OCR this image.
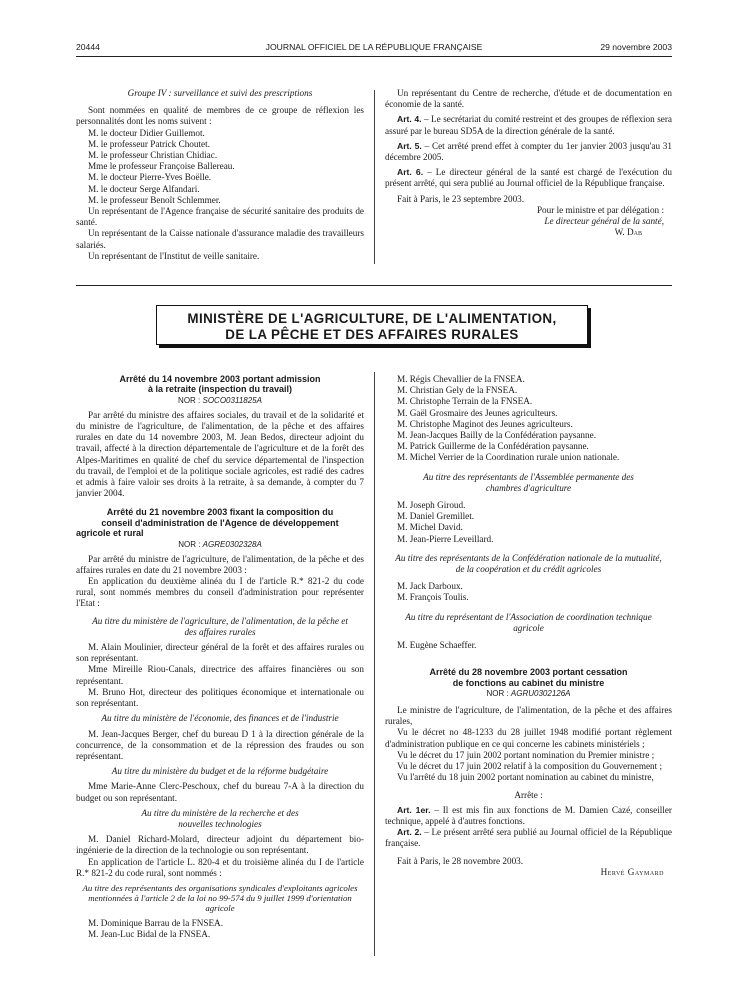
20444	JOURNAL OFFICIEL DE LA RÉPUBLIQUE FRANÇAISE	29 novembre 2003

Groupe IV : surveillance et suivi des prescriptions

Sont nommées en qualité de membres de ce groupe de réflexion les personnalités dont les noms suivent :

M. le docteur Didier Guillemot.

M. le professeur Patrick Choutet.

M. le professeur Christian Chidiac.

Mme le professeur Françoise Ballereau.

M. le docteur Pierre-Yves Boëlle.

M. le docteur Serge Alfandari.

M. le professeur Benoît Schlemmer.

Un représentant de l'Agence française de sécurité sanitaire des produits de santé.

Un représentant de la Caisse nationale d'assurance maladie des travailleurs salariés.

Un représentant de l'Institut de veille sanitaire.

Un représentant du Centre de recherche, d'étude et de documentation en économie de la santé.

Art. 4. – Le secrétariat du comité restreint et des groupes de réflexion sera assuré par le bureau SD5A de la direction générale de la santé.

Art. 5. – Cet arrêté prend effet à compter du 1er janvier 2003 jusqu'au 31 décembre 2005.

Art. 6. – Le directeur général de la santé est chargé de l'exécution du présent arrêté, qui sera publié au Journal officiel de la République française.

Fait à Paris, le 23 septembre 2003.

Pour le ministre et par délégation :

Le directeur général de la santé,

W. Dab

MINISTÈRE DE L'AGRICULTURE, DE L'ALIMENTATION,
DE LA PÊCHE ET DES AFFAIRES RURALES

Arrêté du 14 novembre 2003 portant admission

à la retraite (inspection du travail)

NOR : SOCO0311825A

Par arrêté du ministre des affaires sociales, du travail et de la solidarité et du ministre de l'agriculture, de l'alimentation, de la pêche et des affaires rurales en date du 14 novembre 2003, M. Jean Bedos, directeur adjoint du travail, affecté à la direction départementale de l'agriculture et de la forêt des Alpes-Maritimes en qualité de chef du service départemental de l'inspection du travail, de l'emploi et de la politique sociale agricoles, est radié des cadres et admis à faire valoir ses droits à la retraite, à sa demande, à compter du 7 janvier 2004.

Arrêté du 21 novembre 2003 fixant la composition du

conseil d'administration de l'Agence de développement

agricole et rural

NOR : AGRE0302328A

Par arrêté du ministre de l'agriculture, de l'alimentation, de la pêche et des affaires rurales en date du 21 novembre 2003 :

En application du deuxième alinéa du I de l'article R.* 821-2 du code rural, sont nommés membres du conseil d'administration pour représenter l'Etat :

Au titre du ministère de l'agriculture, de l'alimentation, de la pêche et des affaires rurales

M. Alain Moulinier, directeur général de la forêt et des affaires rurales ou son représentant.

Mme Mireille Riou-Canals, directrice des affaires financières ou son représentant.

M. Bruno Hot, directeur des politiques économique et internationale ou son représentant.

Au titre du ministère de l'économie, des finances et de l'industrie

M. Jean-Jacques Berger, chef du bureau D 1 à la direction générale de la concurrence, de la consommation et de la répression des fraudes ou son représentant.

Au titre du ministère du budget et de la réforme budgétaire

Mme Marie-Anne Clerc-Peschoux, chef du bureau 7-A à la direction du budget ou son représentant.

Au titre du ministère de la recherche et des nouvelles technologies

M. Daniel Richard-Molard, directeur adjoint du département bio-ingénierie de la direction de la technologie ou son représentant.

En application de l'article L. 820-4 et du troisième alinéa du I de l'article R.* 821-2 du code rural, sont nommés :

Au titre des représentants des organisations syndicales d'exploitants agricoles mentionnées à l'article 2 de la loi no 99-574 du 9 juillet 1999 d'orientation agricole

M. Dominique Barrau de la FNSEA.

M. Jean-Luc Bidal de la FNSEA.

M. Régis Chevallier de la FNSEA.

M. Christian Gely de la FNSEA.

M. Christophe Terrain de la FNSEA.

M. Gaël Grosmaire des Jeunes agriculteurs.

M. Christophe Maginot des Jeunes agriculteurs.

M. Jean-Jacques Bailly de la Confédération paysanne.

M. Patrick Guillerme de la Confédération paysanne.

M. Michel Verrier de la Coordination rurale union nationale.

Au titre des représentants de l'Assemblée permanente des chambres d'agriculture

M. Joseph Giroud.

M. Daniel Gremillet.

M. Michel David.

M. Jean-Pierre Leveillard.

Au titre des représentants de la Confédération nationale de la mutualité, de la coopération et du crédit agricoles

M. Jack Darboux.

M. François Toulis.

Au titre du représentant de l'Association de coordination technique agricole

M. Eugène Schaeffer.

Arrêté du 28 novembre 2003 portant cessation

de fonctions au cabinet du ministre

NOR : AGRU0302126A

Le ministre de l'agriculture, de l'alimentation, de la pêche et des affaires rurales,

Vu le décret no 48-1233 du 28 juillet 1948 modifié portant règlement d'administration publique en ce qui concerne les cabinets ministériels ;

Vu le décret du 17 juin 2002 portant nomination du Premier ministre ;

Vu le décret du 17 juin 2002 relatif à la composition du Gouvernement ;

Vu l'arrêté du 18 juin 2002 portant nomination au cabinet du ministre,

Arrête :

Art. 1er. – Il est mis fin aux fonctions de M. Damien Cazé, conseiller technique, appelé à d'autres fonctions.

Art. 2. – Le présent arrêté sera publié au Journal officiel de la République française.

Fait à Paris, le 28 novembre 2003.

Hervé Gaymard
